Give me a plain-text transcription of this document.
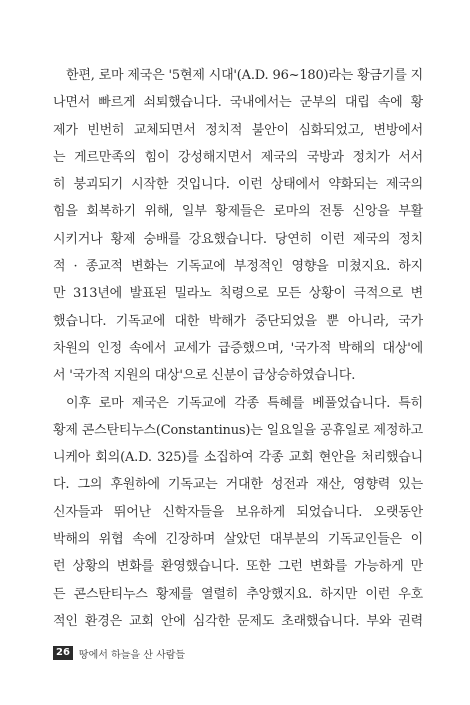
한편, 로마 제국은 '5현제 시대'(A.D. 96~180)라는 황금기를 지
나면서 빠르게 쇠퇴했습니다. 국내에서는 군부의 대립 속에 황
제가 빈번히 교체되면서 정치적 불안이 심화되었고, 변방에서
는 게르만족의 힘이 강성해지면서 제국의 국방과 정치가 서서
히 붕괴되기 시작한 것입니다. 이런 상태에서 약화되는 제국의
힘을 회복하기 위해, 일부 황제들은 로마의 전통 신앙을 부활
시키거나 황제 숭배를 강요했습니다. 당연히 이런 제국의 정치
적 · 종교적 변화는 기독교에 부정적인 영향을 미쳤지요. 하지
만 313년에 발표된 밀라노 칙령으로 모든 상황이 극적으로 변
했습니다. 기독교에 대한 박해가 중단되었을 뿐 아니라, 국가
차원의 인정 속에서 교세가 급증했으며, '국가적 박해의 대상'에
서 '국가적 지원의 대상'으로 신분이 급상승하였습니다.
이후 로마 제국은 기독교에 각종 특혜를 베풀었습니다. 특히
황제 콘스탄티누스(Constantinus)는 일요일을 공휴일로 제정하고
니케아 회의(A.D. 325)를 소집하여 각종 교회 현안을 처리했습니
다. 그의 후원하에 기독교는 거대한 성전과 재산, 영향력 있는
신자들과 뛰어난 신학자들을 보유하게 되었습니다. 오랫동안
박해의 위협 속에 긴장하며 살았던 대부분의 기독교인들은 이
런 상황의 변화를 환영했습니다. 또한 그런 변화를 가능하게 만
든 콘스탄티누스 황제를 열렬히 추앙했지요. 하지만 이런 우호
적인 환경은 교회 안에 심각한 문제도 초래했습니다. 부와 권력
26 땅에서 하늘을 산 사람들
